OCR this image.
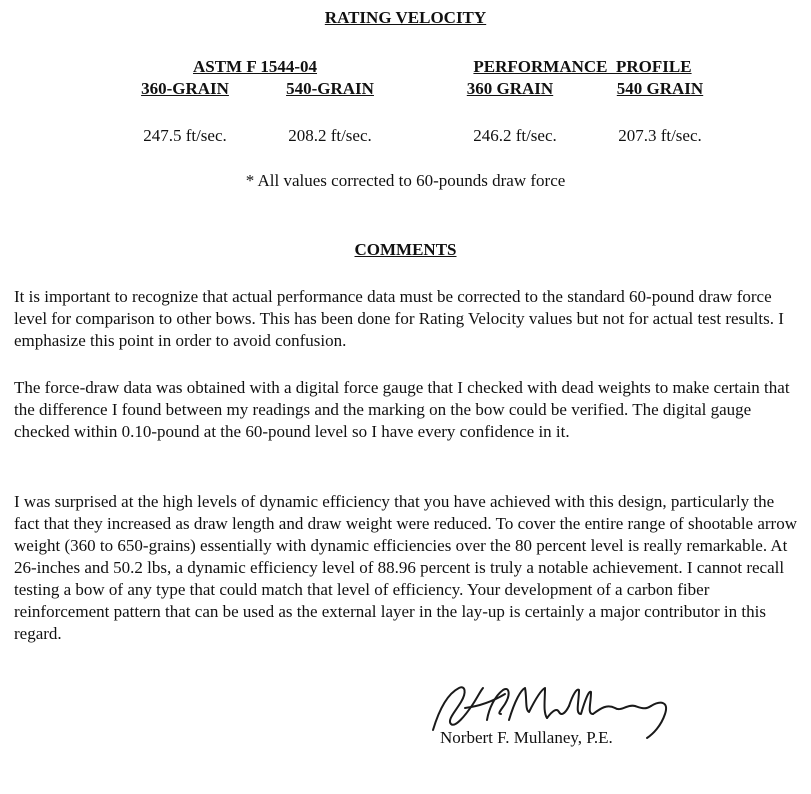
RATING VELOCITY
ASTM F 1544-04	PERFORMANCE  PROFILE
360-GRAIN	540-GRAIN	360 GRAIN	540 GRAIN
247.5 ft/sec.	208.2 ft/sec.	246.2 ft/sec.	207.3 ft/sec.
* All values corrected to 60-pounds draw force
COMMENTS

It is important to recognize that actual performance data must be corrected to the standard 60-pound draw force level for comparison to other bows. This has been done for Rating Velocity values but not for actual test results. I emphasize this point in order to avoid confusion.

The force-draw data was obtained with a digital force gauge that I checked with dead weights to make certain that the difference I found between my readings and the marking on the bow could be verified. The digital gauge checked within 0.10-pound at the 60-pound level so I have every confidence in it.

I was surprised at the high levels of dynamic efficiency that you have achieved with this design, particularly the fact that they increased as draw length and draw weight were reduced. To cover the entire range of shootable arrow weight (360 to 650-grains) essentially with dynamic efficiencies over the 80 percent level is really remarkable. At 26-inches and 50.2 lbs, a dynamic efficiency level of 88.96 percent is truly a notable achievement. I cannot recall testing a bow of any type that could match that level of efficiency. Your development of a carbon fiber reinforcement pattern that can be used as the external layer in the lay-up is certainly a major contributor in this regard.

Norbert F. Mullaney, P.E.
